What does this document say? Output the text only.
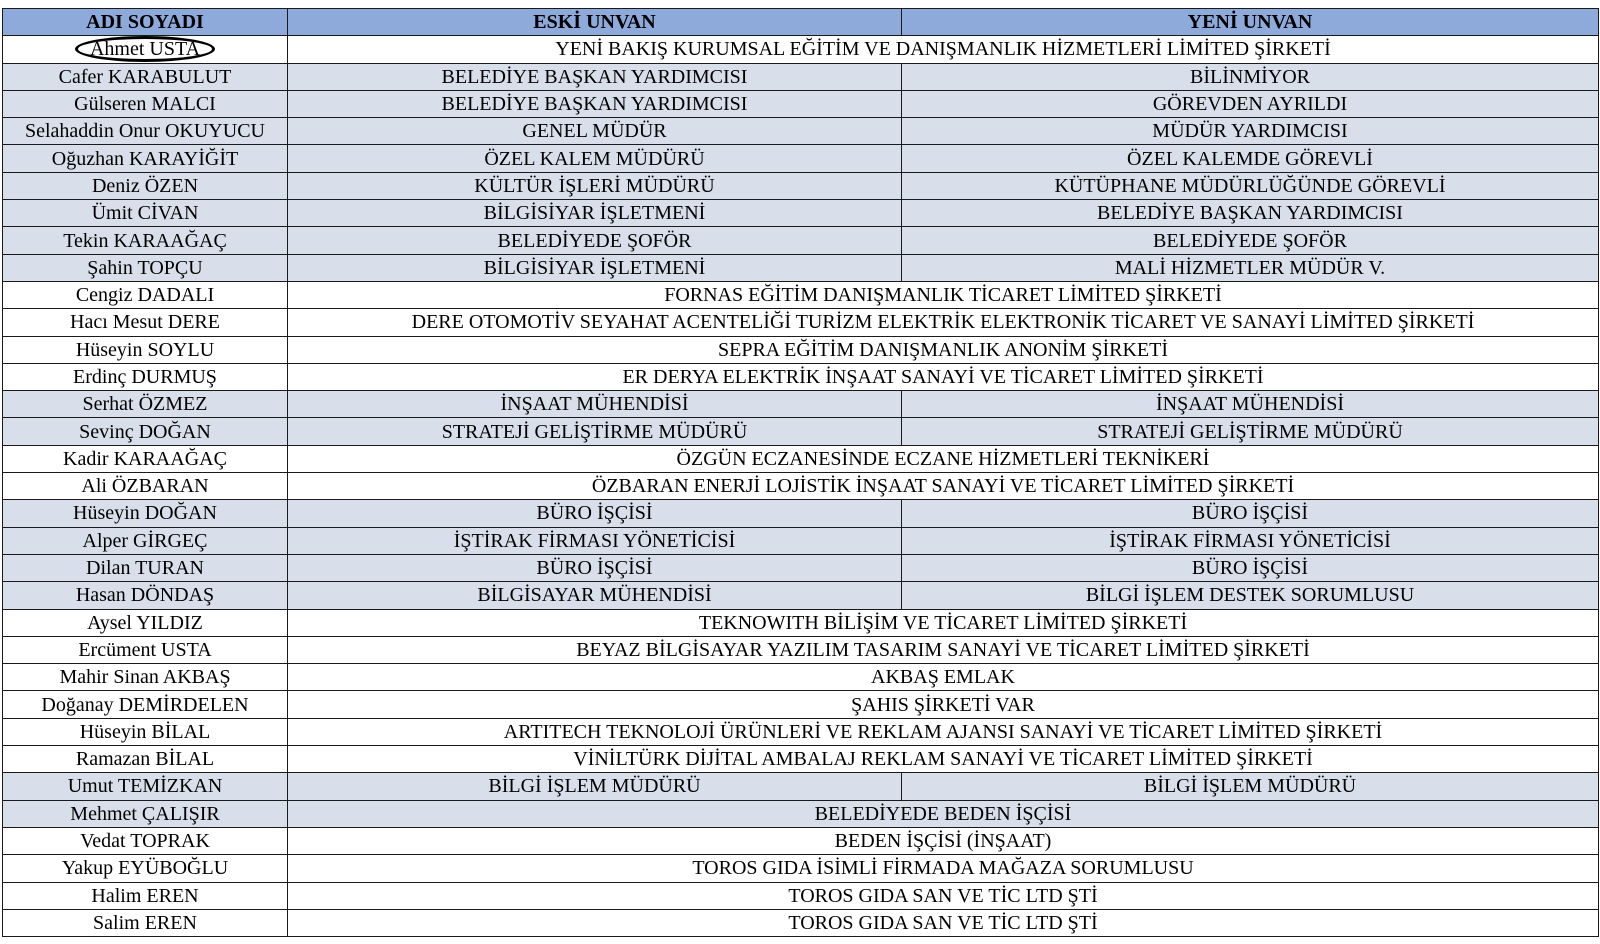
ADI SOYADI	ESKİ UNVAN	YENİ UNVAN
Ahmet USTA	YENİ BAKIŞ KURUMSAL EĞİTİM VE DANIŞMANLIK HİZMETLERİ LİMİTED ŞİRKETİ	
Cafer KARABULUT	BELEDİYE BAŞKAN YARDIMCISI	BİLİNMİYOR
Gülseren MALCI	BELEDİYE BAŞKAN YARDIMCISI	GÖREVDEN AYRILDI
Selahaddin Onur OKUYUCU	GENEL MÜDÜR	MÜDÜR YARDIMCISI
Oğuzhan KARAYİĞİT	ÖZEL KALEM MÜDÜRÜ	ÖZEL KALEMDE GÖREVLİ
Deniz ÖZEN	KÜLTÜR İŞLERİ MÜDÜRÜ	KÜTÜPHANE MÜDÜRLÜĞÜNDE GÖREVLİ
Ümit CİVAN	BİLGİSİYAR İŞLETMENİ	BELEDİYE BAŞKAN YARDIMCISI
Tekin KARAAĞAÇ	BELEDİYEDE ŞOFÖR	BELEDİYEDE ŞOFÖR
Şahin TOPÇU	BİLGİSİYAR İŞLETMENİ	MALİ HİZMETLER MÜDÜR V.
Cengiz DADALI	FORNAS EĞİTİM DANIŞMANLIK TİCARET LİMİTED ŞİRKETİ	
Hacı Mesut DERE	DERE OTOMOTİV SEYAHAT ACENTELİĞİ TURİZM ELEKTRİK ELEKTRONİK TİCARET VE SANAYİ LİMİTED ŞİRKETİ	
Hüseyin SOYLU	SEPRA EĞİTİM DANIŞMANLIK ANONİM ŞİRKETİ	
Erdinç DURMUŞ	ER DERYA ELEKTRİK İNŞAAT SANAYİ VE TİCARET LİMİTED ŞİRKETİ	
Serhat ÖZMEZ	İNŞAAT MÜHENDİSİ	İNŞAAT MÜHENDİSİ
Sevinç DOĞAN	STRATEJİ GELİŞTİRME MÜDÜRÜ	STRATEJİ GELİŞTİRME MÜDÜRÜ
Kadir KARAAĞAÇ	ÖZGÜN ECZANESİNDE ECZANE HİZMETLERİ TEKNİKERİ	
Ali ÖZBARAN	ÖZBARAN ENERJİ LOJİSTİK İNŞAAT SANAYİ VE TİCARET LİMİTED ŞİRKETİ	
Hüseyin DOĞAN	BÜRO İŞÇİSİ	BÜRO İŞÇİSİ
Alper GİRGEÇ	İŞTİRAK FİRMASI YÖNETİCİSİ	İŞTİRAK FİRMASI YÖNETİCİSİ
Dilan TURAN	BÜRO İŞÇİSİ	BÜRO İŞÇİSİ
Hasan DÖNDAŞ	BİLGİSAYAR MÜHENDİSİ	BİLGİ İŞLEM DESTEK SORUMLUSU
Aysel YILDIZ	TEKNOWITH BİLİŞİM VE TİCARET LİMİTED ŞİRKETİ	
Ercüment USTA	BEYAZ BİLGİSAYAR YAZILIM TASARIM SANAYİ VE TİCARET LİMİTED ŞİRKETİ	
Mahir Sinan AKBAŞ	AKBAŞ EMLAK	
Doğanay DEMİRDELEN	ŞAHIS ŞİRKETİ VAR	
Hüseyin BİLAL	ARTITECH TEKNOLOJİ ÜRÜNLERİ VE REKLAM AJANSI SANAYİ VE TİCARET LİMİTED ŞİRKETİ	
Ramazan BİLAL	VİNİLTÜRK DİJİTAL AMBALAJ REKLAM SANAYİ VE TİCARET LİMİTED ŞİRKETİ	
Umut TEMİZKAN	BİLGİ İŞLEM MÜDÜRÜ	BİLGİ İŞLEM MÜDÜRÜ
Mehmet ÇALIŞIR	BELEDİYEDE BEDEN İŞÇİSİ	
Vedat TOPRAK	BEDEN İŞÇİSİ (İNŞAAT)	
Yakup EYÜBOĞLU	TOROS GIDA İSİMLİ FİRMADA MAĞAZA SORUMLUSU	
Halim EREN	TOROS GIDA SAN VE TİC LTD ŞTİ	
Salim EREN	TOROS GIDA SAN VE TİC LTD ŞTİ	
